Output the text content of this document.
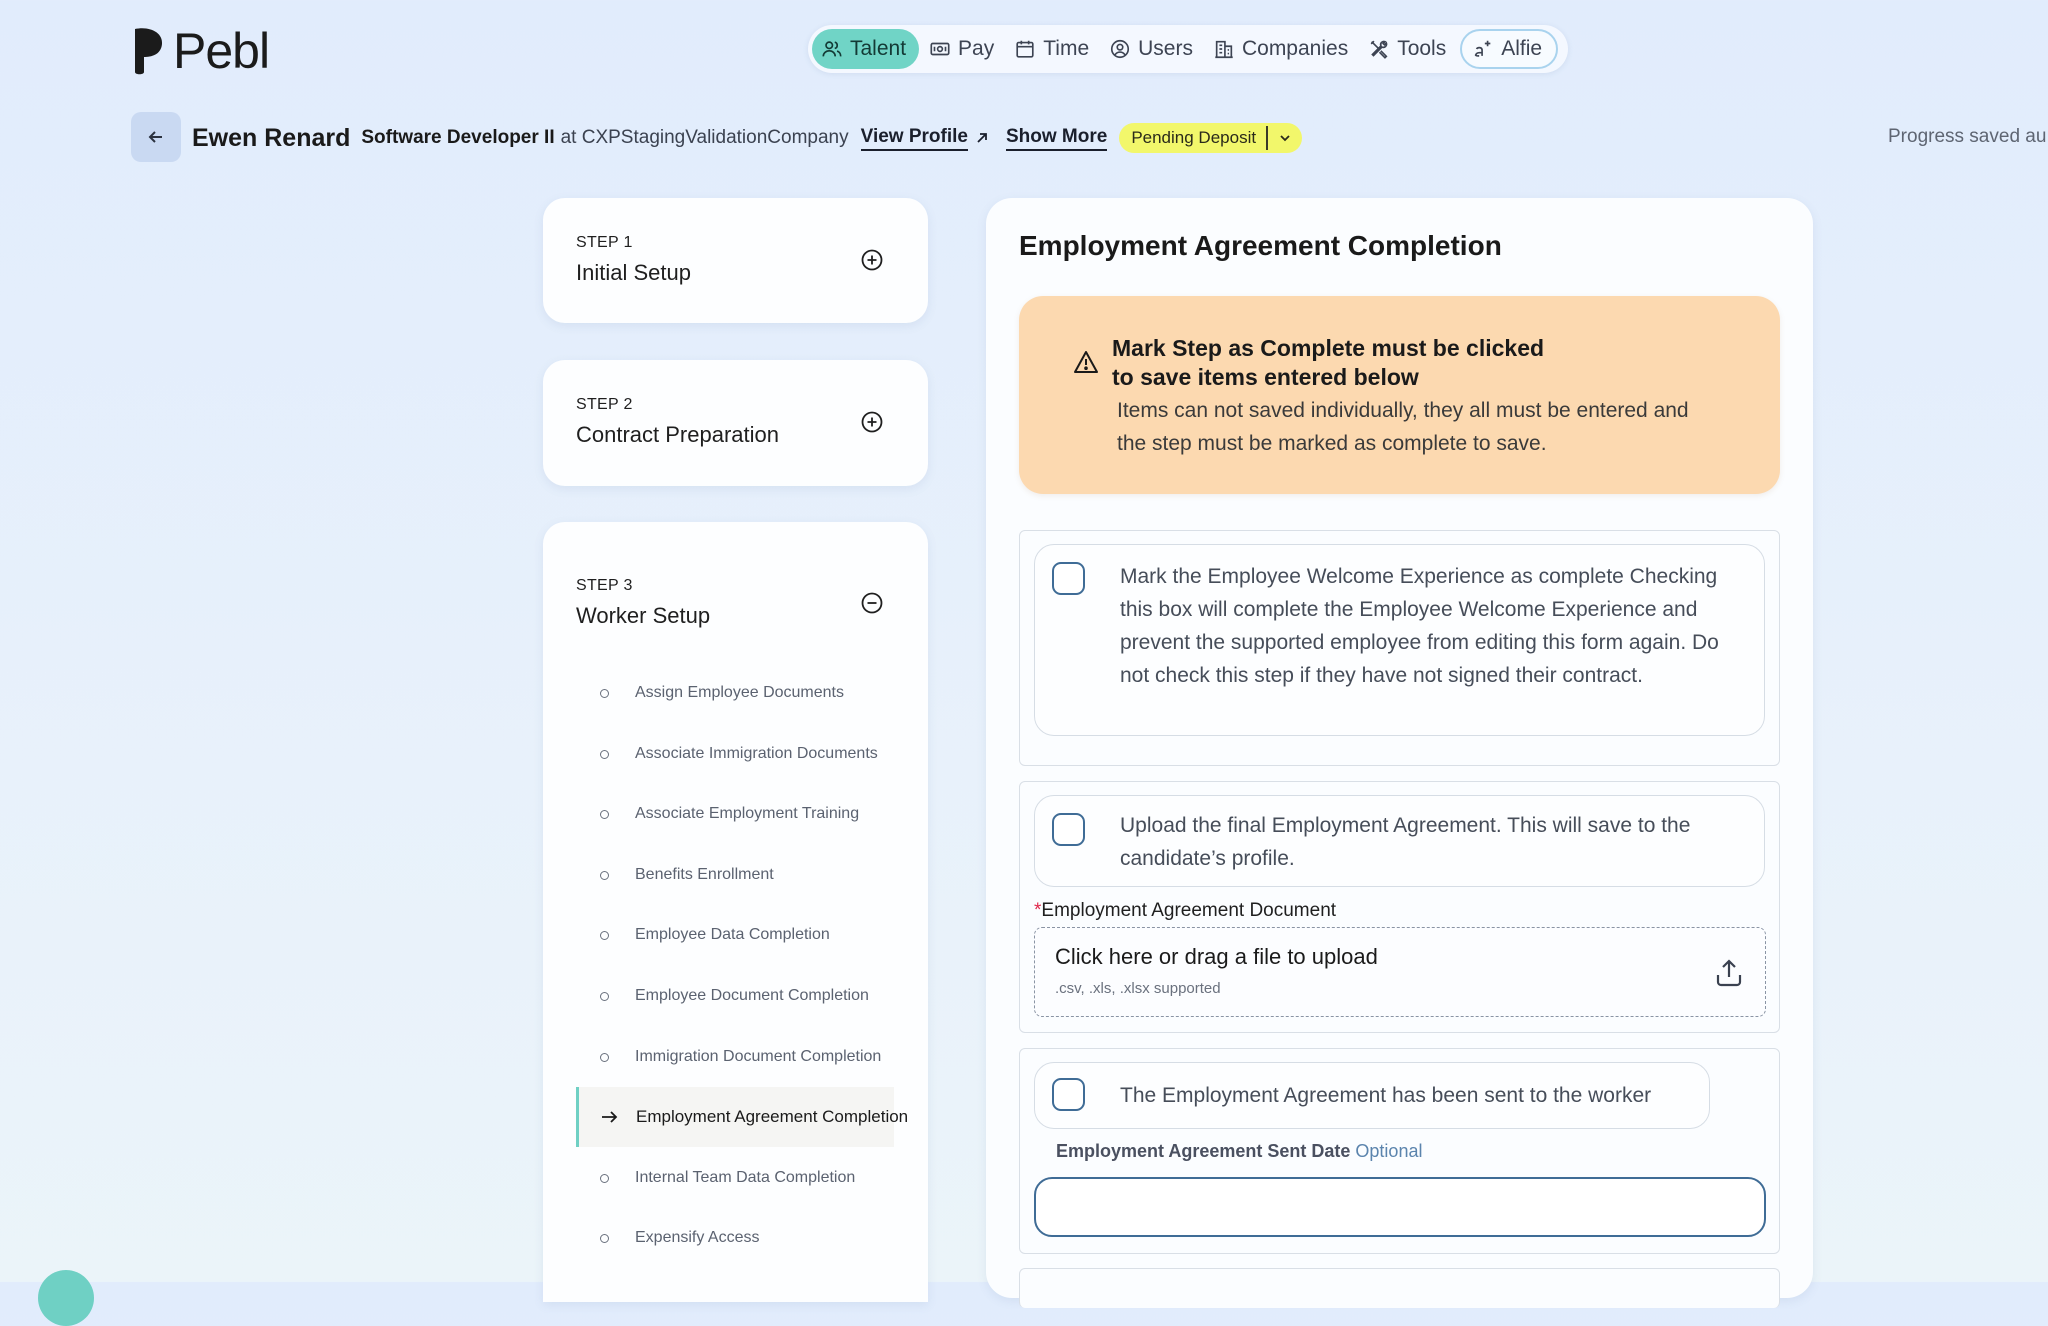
Pebl	Talent Pay Time Users Companies Tools	Alfie
Ewen Renard Software Developer II at CXPStagingValidationCompany View Profile Show More Pending Deposit	Progress saved au
STEP 1
Initial Setup
STEP 2
Contract Preparation
STEP 3
Worker Setup
Assign Employee Documents
Associate Immigration Documents
Associate Employment Training
Benefits Enrollment
Employee Data Completion
Employee Document Completion
Immigration Document Completion
Employment Agreement Completion
Internal Team Data Completion
Expensify Access
Employment Agreement Completion
Mark Step as Complete must be clicked to save items entered below
Items can not saved individually, they all must be entered and the step must be marked as complete to save.
Mark the Employee Welcome Experience as complete Checking this box will complete the Employee Welcome Experience and prevent the supported employee from editing this form again. Do not check this step if they have not signed their contract.
Upload the final Employment Agreement. This will save to the candidate’s profile.
*Employment Agreement Document
Click here or drag a file to upload
.csv, .xls, .xlsx supported
The Employment Agreement has been sent to the worker
Employment Agreement Sent Date Optional
